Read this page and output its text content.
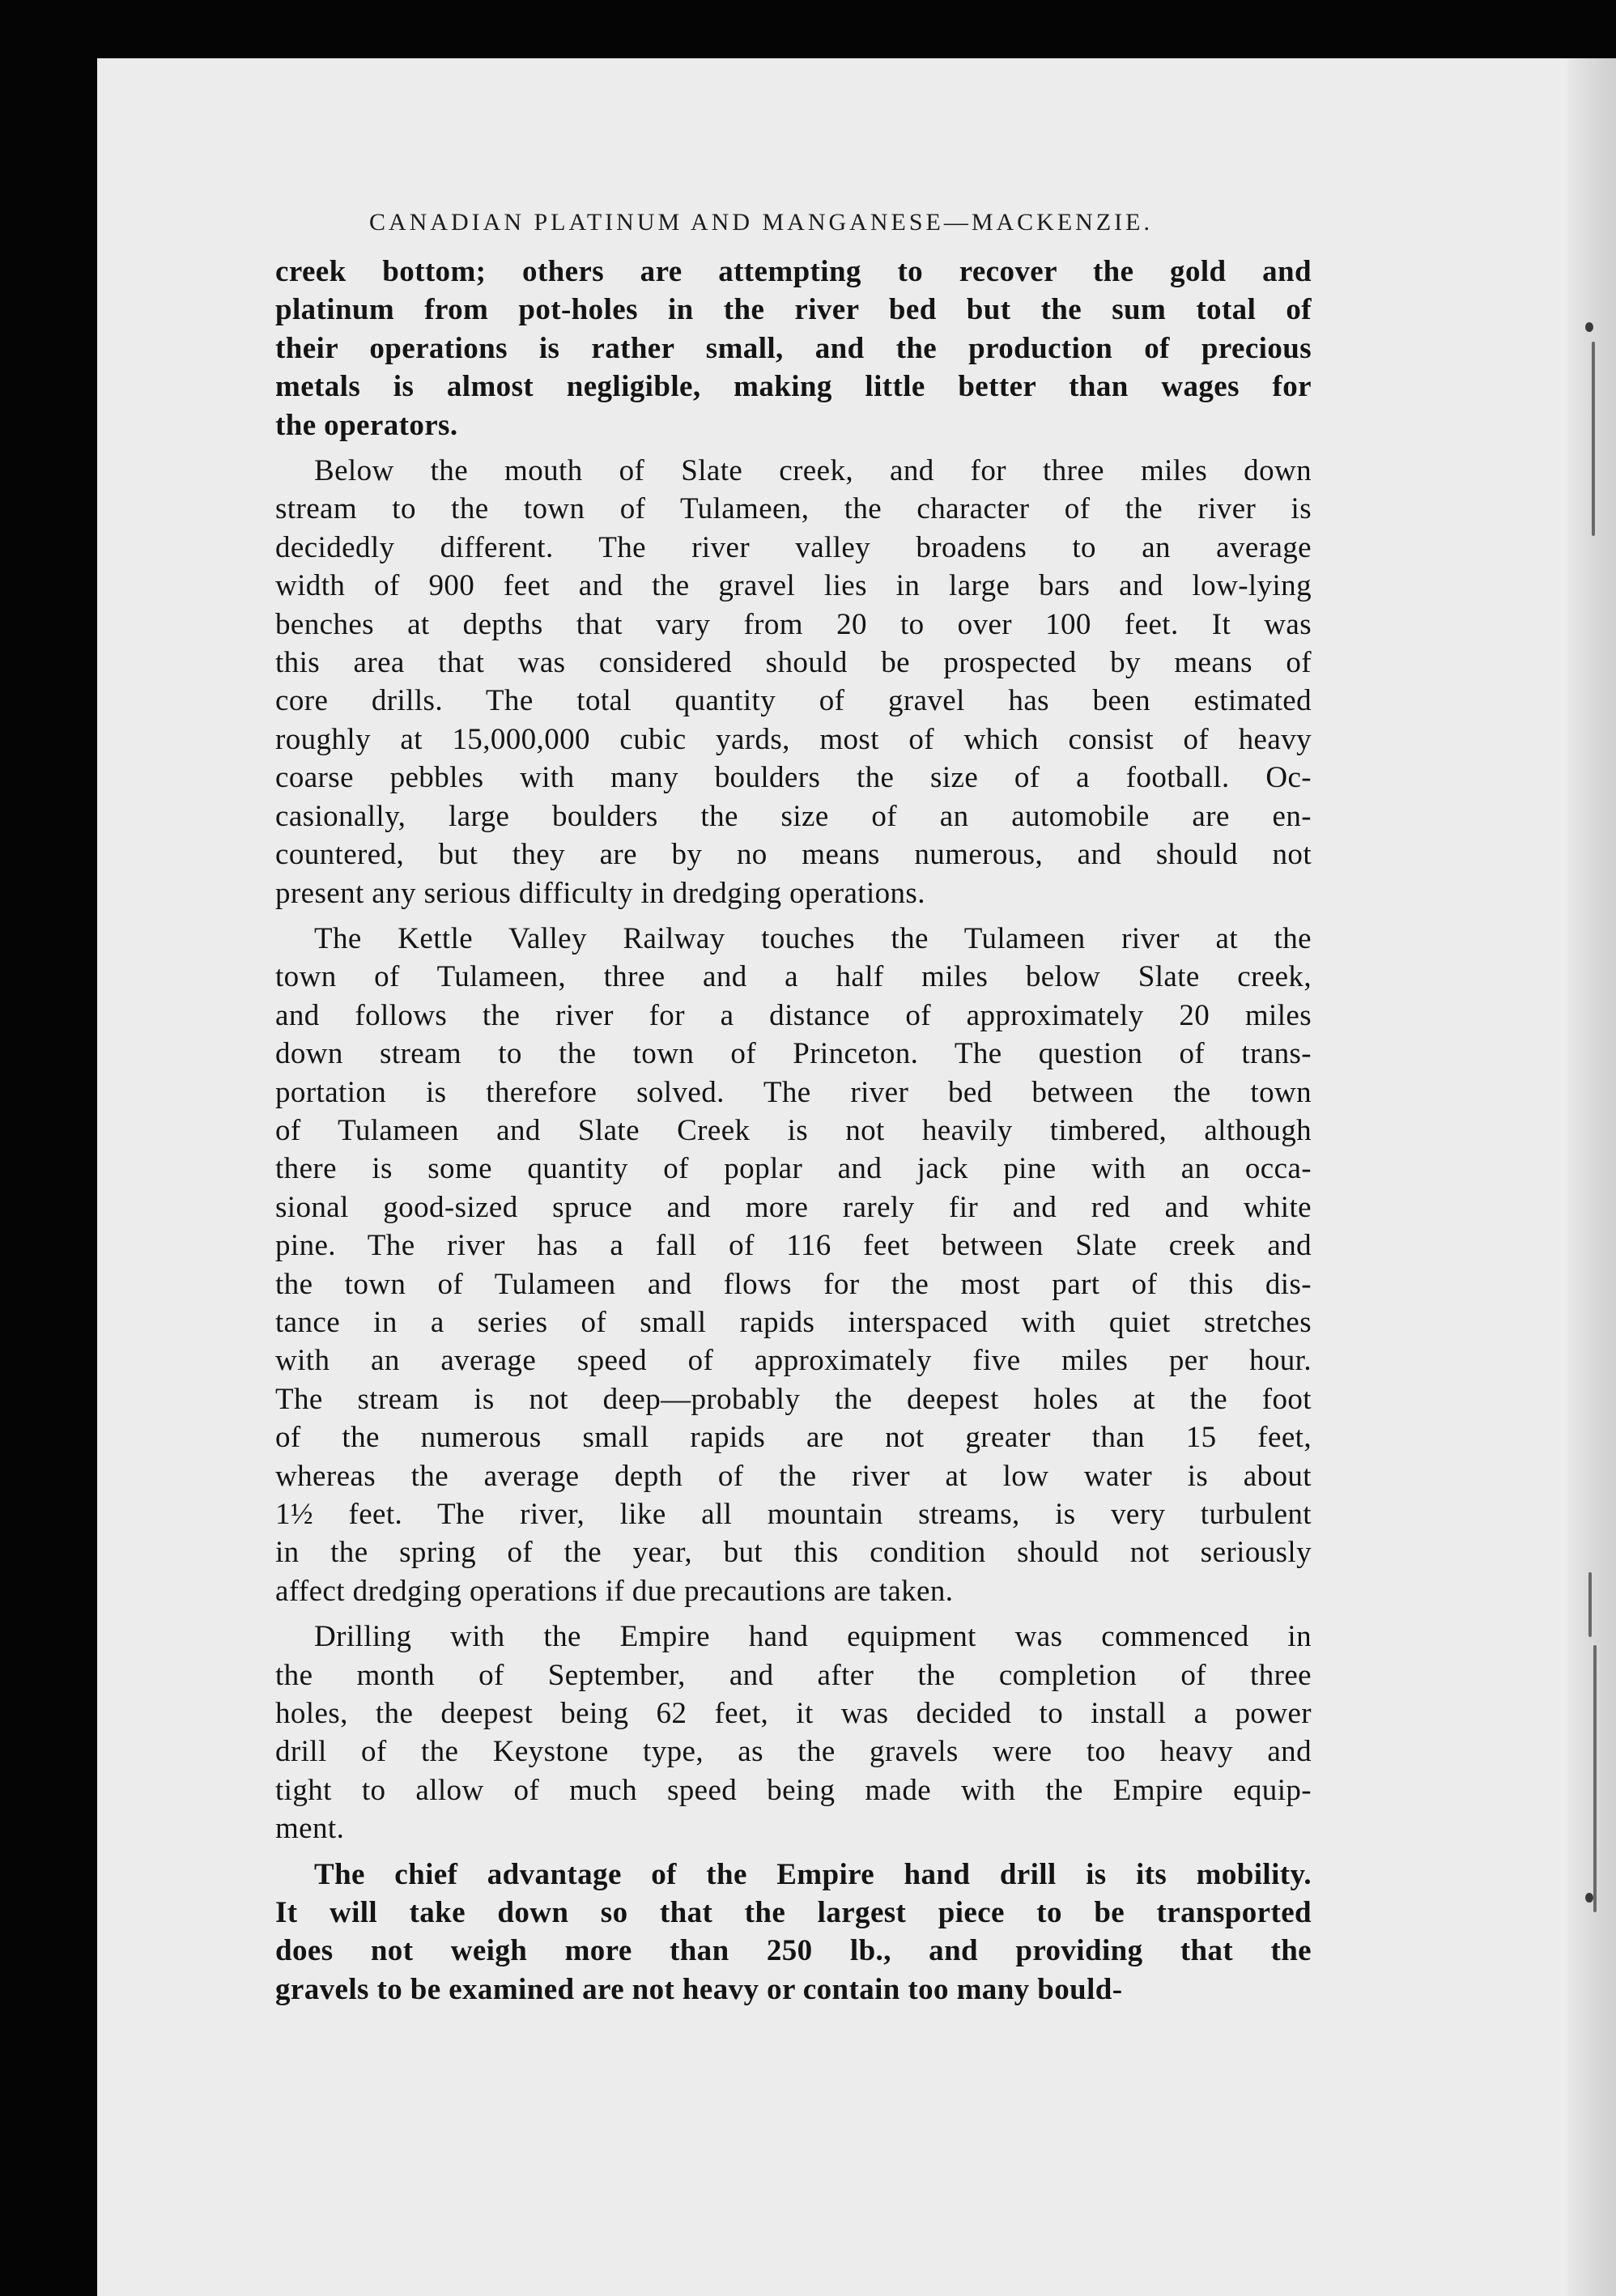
CANADIAN PLATINUM AND MANGANESE—MACKENZIE.

creek bottom; others are attempting to recover the gold and
platinum from pot-holes in the river bed but the sum total of
their operations is rather small, and the production of precious
metals is almost negligible, making little better than wages for
the operators.

Below the mouth of Slate creek, and for three miles down
stream to the town of Tulameen, the character of the river is
decidedly different. The river valley broadens to an average
width of 900 feet and the gravel lies in large bars and low-lying
benches at depths that vary from 20 to over 100 feet. It was
this area that was considered should be prospected by means of
core drills. The total quantity of gravel has been estimated
roughly at 15,000,000 cubic yards, most of which consist of heavy
coarse pebbles with many boulders the size of a football. Oc-
casionally, large boulders the size of an automobile are en-
countered, but they are by no means numerous, and should not
present any serious difficulty in dredging operations.

The Kettle Valley Railway touches the Tulameen river at the
town of Tulameen, three and a half miles below Slate creek,
and follows the river for a distance of approximately 20 miles
down stream to the town of Princeton. The question of trans-
portation is therefore solved. The river bed between the town
of Tulameen and Slate Creek is not heavily timbered, although
there is some quantity of poplar and jack pine with an occa-
sional good-sized spruce and more rarely fir and red and white
pine. The river has a fall of 116 feet between Slate creek and
the town of Tulameen and flows for the most part of this dis-
tance in a series of small rapids interspaced with quiet stretches
with an average speed of approximately five miles per hour.
The stream is not deep—probably the deepest holes at the foot
of the numerous small rapids are not greater than 15 feet,
whereas the average depth of the river at low water is about
1½ feet. The river, like all mountain streams, is very turbulent
in the spring of the year, but this condition should not seriously
affect dredging operations if due precautions are taken.

Drilling with the Empire hand equipment was commenced in
the month of September, and after the completion of three
holes, the deepest being 62 feet, it was decided to install a power
drill of the Keystone type, as the gravels were too heavy and
tight to allow of much speed being made with the Empire equip-
ment.

The chief advantage of the Empire hand drill is its mobility.
It will take down so that the largest piece to be transported
does not weigh more than 250 lb., and providing that the
gravels to be examined are not heavy or contain too many bould-
